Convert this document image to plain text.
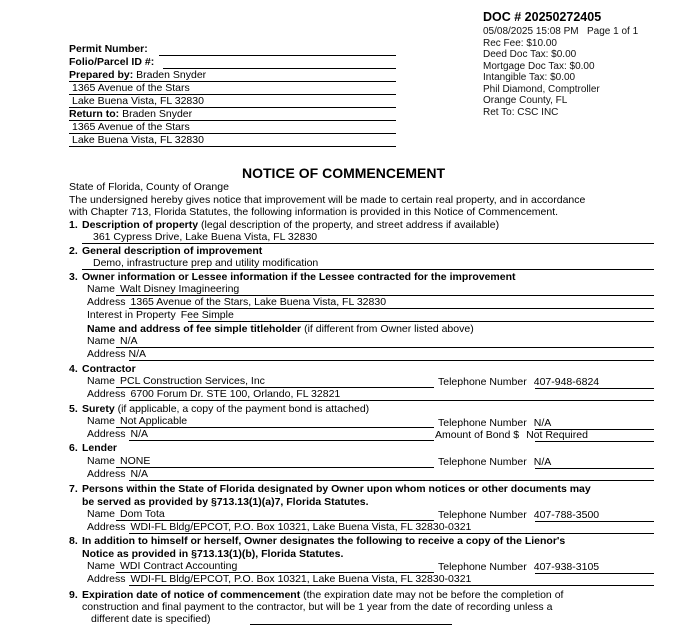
DOC # 20250272405
05/08/2025 15:08 PM Page 1 of 1
Rec Fee: $10.00
Deed Doc Tax: $0.00
Mortgage Doc Tax: $0.00
Intangible Tax: $0.00
Phil Diamond, Comptroller
Orange County, FL
Ret To: CSC INC
Permit Number:
Folio/Parcel ID #:
Prepared by: Braden Snyder
1365 Avenue of the Stars
Lake Buena Vista, FL 32830
Return to: Braden Snyder
1365 Avenue of the Stars
Lake Buena Vista, FL 32830
NOTICE OF COMMENCEMENT
State of Florida, County of Orange
The undersigned hereby gives notice that improvement will be made to certain real property, and in accordance
with Chapter 713, Florida Statutes, the following information is provided in this Notice of Commencement.
1. Description of property (legal description of the property, and street address if available)
361 Cypress Drive, Lake Buena Vista, FL 32830
2. General description of improvement
Demo, infrastructure prep and utility modification
3. Owner information or Lessee information if the Lessee contracted for the improvement
Name Walt Disney Imagineering
Address 1365 Avenue of the Stars, Lake Buena Vista, FL 32830
Interest in Property Fee Simple
Name and address of fee simple titleholder (if different from Owner listed above)
Name N/A
Address N/A
4. Contractor
Name PCL Construction Services, Inc	Telephone Number 407-948-6824
Address 6700 Forum Dr. STE 100, Orlando, FL 32821
5. Surety (if applicable, a copy of the payment bond is attached)
Name Not Applicable	Telephone Number N/A
Address N/A	Amount of Bond $ Not Required
6. Lender
Name NONE	Telephone Number N/A
Address N/A
7. Persons within the State of Florida designated by Owner upon whom notices or other documents may
be served as provided by §713.13(1)(a)7, Florida Statutes.
Name Dom Tota	Telephone Number 407-788-3500
Address WDI-FL Bldg/EPCOT, P.O. Box 10321, Lake Buena Vista, FL 32830-0321
8. In addition to himself or herself, Owner designates the following to receive a copy of the Lienor's
Notice as provided in §713.13(1)(b), Florida Statutes.
Name WDI Contract Accounting	Telephone Number 407-938-3105
Address WDI-FL Bldg/EPCOT, P.O. Box 10321, Lake Buena Vista, FL 32830-0321
9. Expiration date of notice of commencement (the expiration date may not be before the completion of
construction and final payment to the contractor, but will be 1 year from the date of recording unless a
different date is specified)
